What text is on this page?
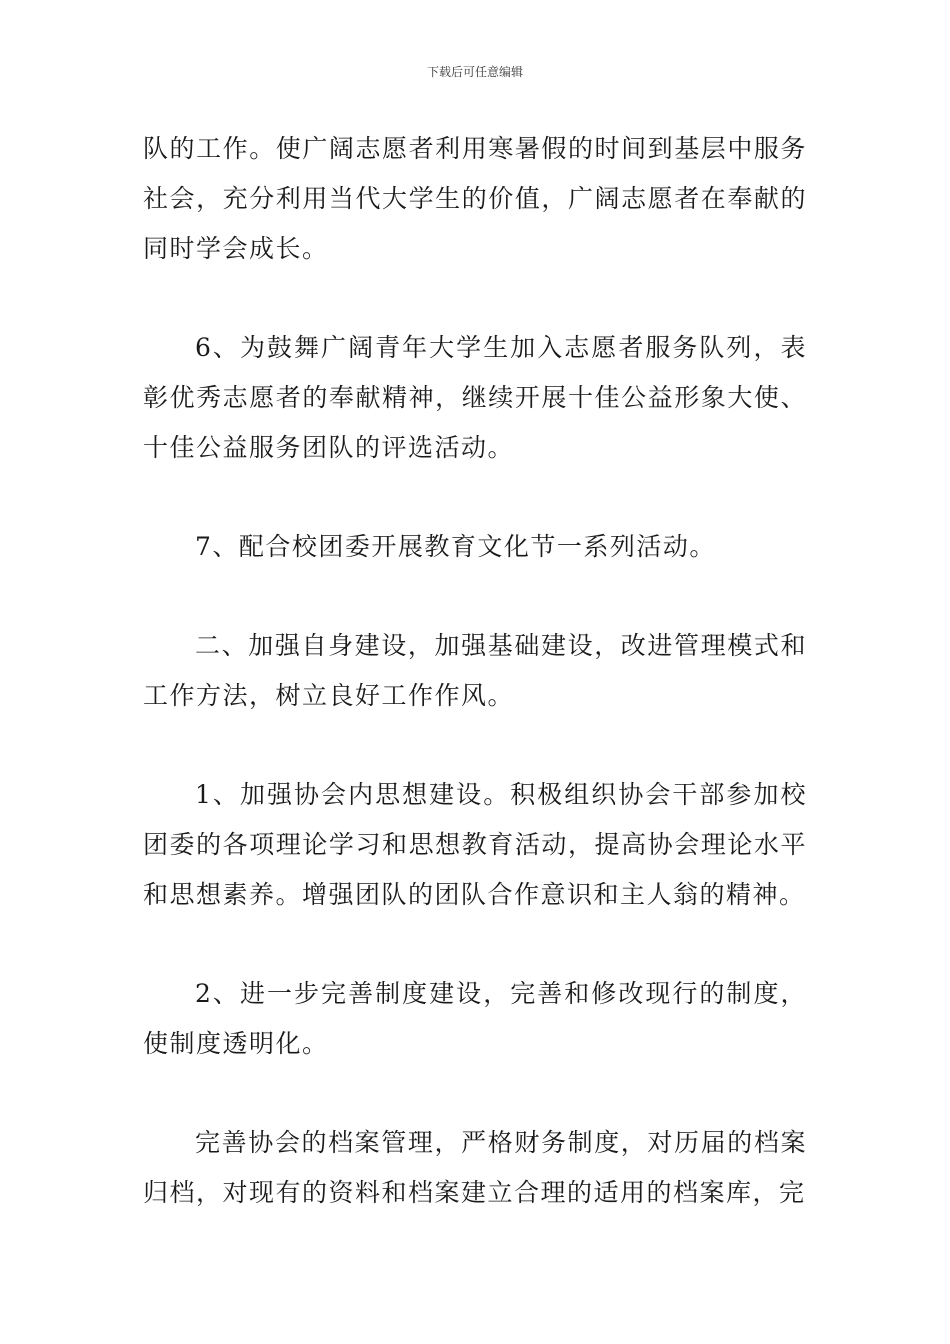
下载后可任意编辑

队的工作。使广阔志愿者利用寒暑假的时间到基层中服务社会，充分利用当代大学生的价值，广阔志愿者在奉献的同时学会成长。

6、为鼓舞广阔青年大学生加入志愿者服务队列，表彰优秀志愿者的奉献精神，继续开展十佳公益形象大使、十佳公益服务团队的评选活动。

7、配合校团委开展教育文化节一系列活动。

二、加强自身建设，加强基础建设，改进管理模式和工作方法，树立良好工作作风。

1、加强协会内思想建设。积极组织协会干部参加校团委的各项理论学习和思想教育活动，提高协会理论水平和思想素养。增强团队的团队合作意识和主人翁的精神。

2、进一步完善制度建设，完善和修改现行的制度，使制度透明化。

完善协会的档案管理，严格财务制度，对历届的档案归档，对现有的资料和档案建立合理的适用的档案库，完
